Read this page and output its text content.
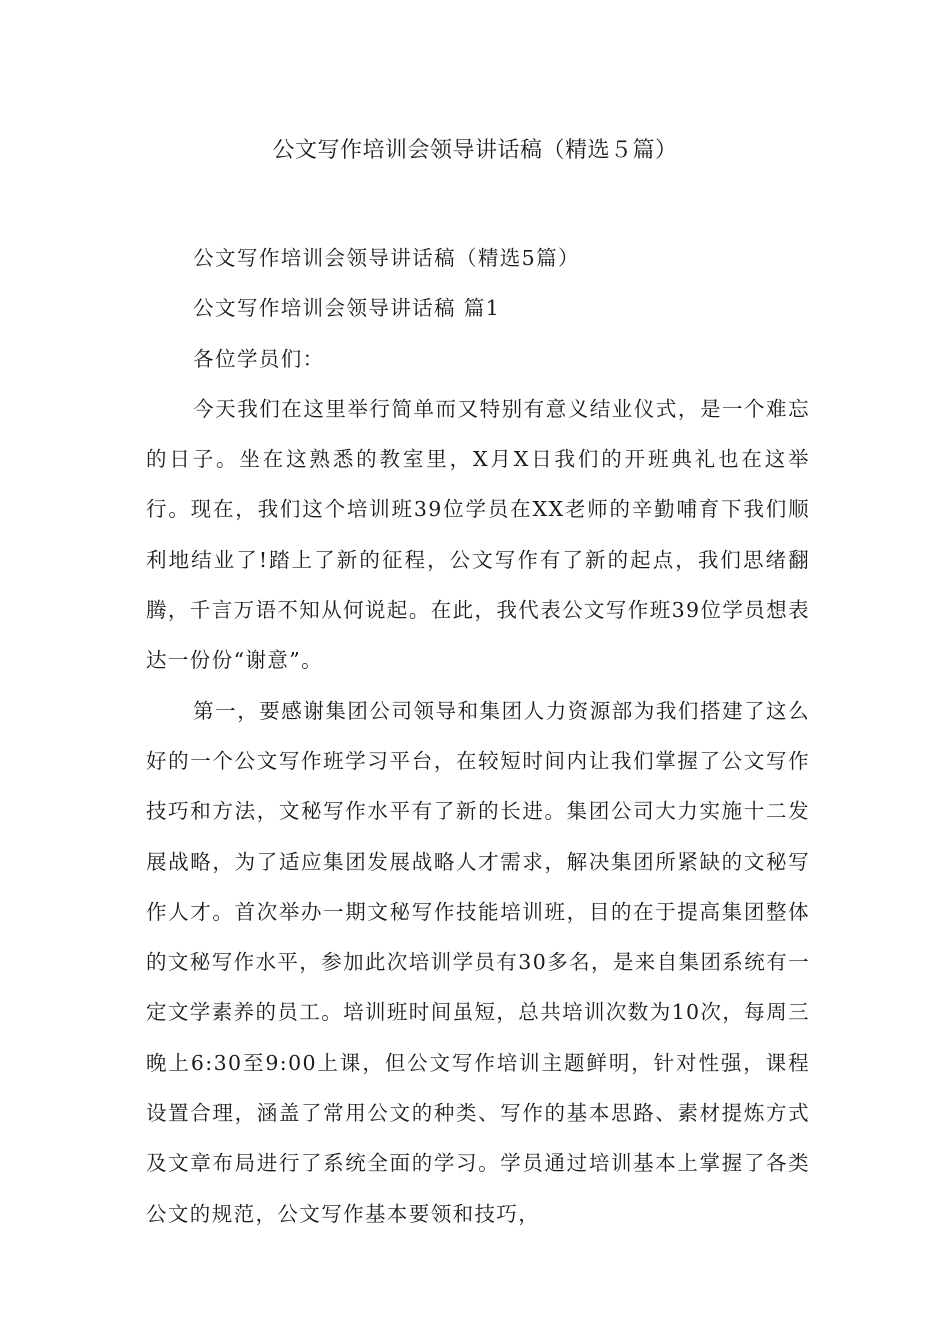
公文写作培训会领导讲话稿（精选５篇）

公文写作培训会领导讲话稿（精选5篇）

公文写作培训会领导讲话稿 篇1

各位学员们：

今天我们在这里举行简单而又特别有意义结业仪式，是一个难忘的日子。坐在这熟悉的教室里，X月X日我们的开班典礼也在这举行。现在，我们这个培训班39位学员在XX老师的辛勤哺育下我们顺利地结业了!踏上了新的征程，公文写作有了新的起点，我们思绪翻腾，千言万语不知从何说起。在此，我代表公文写作班39位学员想表达一份份“谢意”。

第一，要感谢集团公司领导和集团人力资源部为我们搭建了这么好的一个公文写作班学习平台，在较短时间内让我们掌握了公文写作技巧和方法，文秘写作水平有了新的长进。集团公司大力实施十二发展战略，为了适应集团发展战略人才需求，解决集团所紧缺的文秘写作人才。首次举办一期文秘写作技能培训班，目的在于提高集团整体的文秘写作水平，参加此次培训学员有30多名，是来自集团系统有一定文学素养的员工。培训班时间虽短，总共培训次数为10次，每周三晚上6:30至9:00上课，但公文写作培训主题鲜明，针对性强，课程设置合理，涵盖了常用公文的种类、写作的基本思路、素材提炼方式及文章布局进行了系统全面的学习。学员通过培训基本上掌握了各类公文的规范，公文写作基本要领和技巧，
